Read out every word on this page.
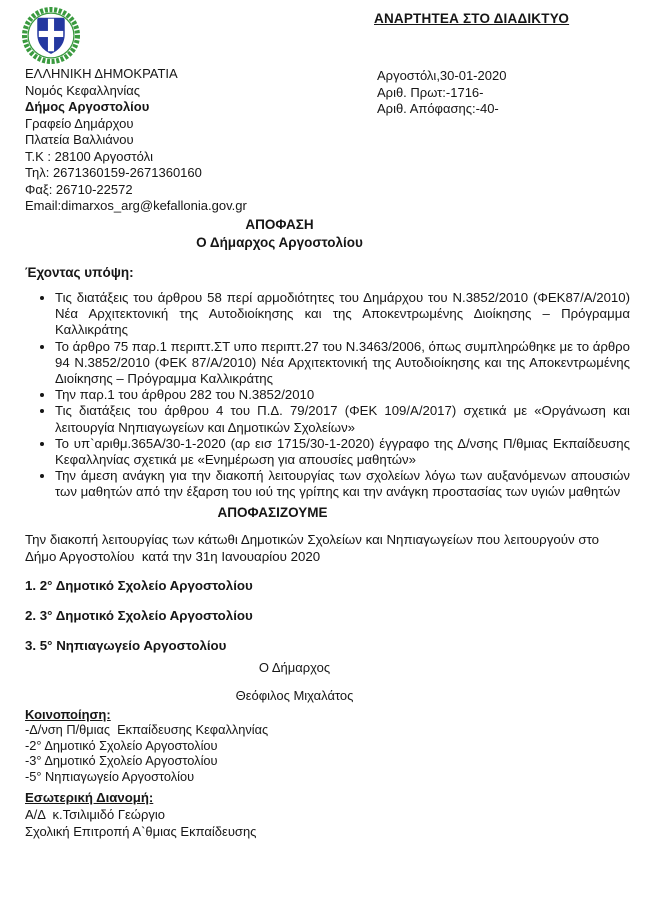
ΑΝΑΡΤΗΤΕΑ ΣΤΟ ΔΙΑΔΙΚΤΥΟ
ΕΛΛΗΝΙΚΗ ΔΗΜΟΚΡΑΤΙΑ
Νομός Κεφαλληνίας
Δήμος Αργοστολίου
Γραφείο Δημάρχου
Πλατεία Βαλλιάνου
Τ.Κ : 28100 Αργοστόλι
Τηλ: 2671360159-2671360160
Φαξ: 26710-22572
Email:dimarxos_arg@kefallonia.gov.gr
Αργοστόλι,30-01-2020
Αριθ. Πρωτ:-1716-
Αριθ. Απόφασης:-40-
ΑΠΟΦΑΣΗ
Ο Δήμαρχος Αργοστολίου
Έχοντας υπόψη:
• Τις διατάξεις του άρθρου 58 περί αρμοδιότητες του Δημάρχου του Ν.3852/2010 (ΦΕΚ87/Α/2010) Νέα Αρχιτεκτονική της Αυτοδιοίκησης και της Αποκεντρωμένης Διοίκησης – Πρόγραμμα Καλλικράτης
• Το άρθρο 75 παρ.1 περιπτ.ΣΤ υπο περιπτ.27 του Ν.3463/2006, όπως συμπληρώθηκε με το άρθρο 94 Ν.3852/2010 (ΦΕΚ 87/Α/2010) Νέα Αρχιτεκτονική της Αυτοδιοίκησης και της Αποκεντρωμένης Διοίκησης – Πρόγραμμα Καλλικράτης
• Την παρ.1 του άρθρου 282 του Ν.3852/2010
• Τις διατάξεις του άρθρου 4 του Π.Δ. 79/2017 (ΦΕΚ 109/Α/2017) σχετικά με «Οργάνωση και λειτουργία Νηπιαγωγείων και Δημοτικών Σχολείων»
• Το υπ`αριθμ.365Α/30-1-2020 (αρ εισ 1715/30-1-2020) έγγραφο της Δ/νσης Π/θμιας Εκπαίδευσης Κεφαλληνίας σχετικά με «Ενημέρωση για απουσίες μαθητών»
• Την άμεση ανάγκη για την διακοπή λειτουργίας των σχολείων λόγω των αυξανόμενων απουσιών των μαθητών από την έξαρση του ιού της γρίπης και την ανάγκη προστασίας των υγιών μαθητών
ΑΠΟΦΑΣΙΖΟΥΜΕ
Την διακοπή λειτουργίας των κάτωθι Δημοτικών Σχολείων και Νηπιαγωγείων που λειτουργούν στο Δήμο Αργοστολίου  κατά την 31η Ιανουαρίου 2020
1. 2° Δημοτικό Σχολείο Αργοστολίου
2. 3° Δημοτικό Σχολείο Αργοστολίου
3. 5° Νηπιαγωγείο Αργοστολίου
Ο Δήμαρχος
Θεόφιλος Μιχαλάτος
Κοινοποίηση:
-Δ/νση Π/θμιας  Εκπαίδευσης Κεφαλληνίας
-2° Δημοτικό Σχολείο Αργοστολίου
-3° Δημοτικό Σχολείο Αργοστολίου
-5° Νηπιαγωγείο Αργοστολίου
Εσωτερική Διανομή:
Α/Δ  κ.Τσιλιμιδό Γεώργιο
Σχολική Επιτροπή Α`θμιας Εκπαίδευσης
